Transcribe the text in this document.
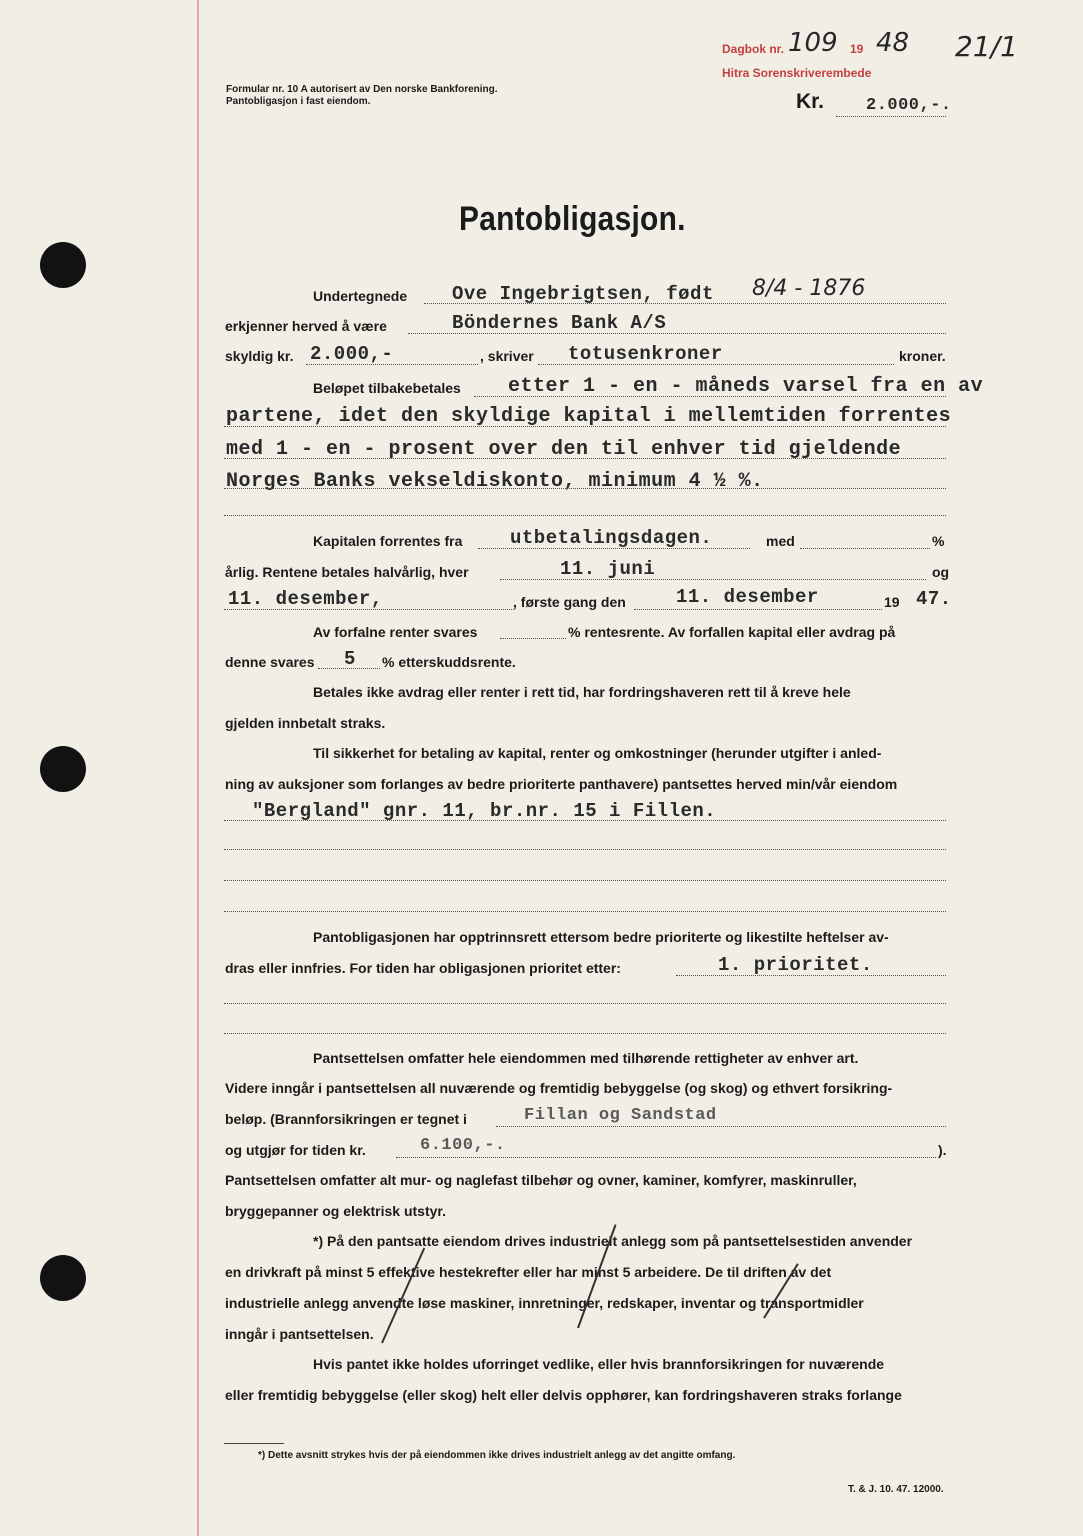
Formular nr. 10 A autorisert av Den norske Bankforening.
Pantobligasjon i fast eiendom.
Dagbok nr. 109 19 48 21/1
Hitra Sorenskriverembede
Kr. 2.000,-.
Pantobligasjon.
Undertegnede Ove Ingebrigtsen, født 8/4 - 1876
erkjenner herved å være	Böndernes Bank A/S
skyldig kr. 2.000,-	, skriver totusenkroner	kroner.
Beløpet tilbakebetales etter 1 - en - måneds varsel fra en av
partene, idet den skyldige kapital i mellemtiden forrentes
med 1 - en - prosent over den til enhver tid gjeldende
Norges Banks vekseldiskonto, minimum 4 ½ %.
Kapitalen forrentes fra	utbetalingsdagen.	med	%
årlig. Rentene betales halvårlig, hver	11. juni	og
11. desember,	, første gang den	11. desember	19 47.
Av forfalne renter svares	% rentesrente. Av forfallen kapital eller avdrag på
denne svares 5 % etterskuddsrente.
Betales ikke avdrag eller renter i rett tid, har fordringshaveren rett til å kreve hele
gjelden innbetalt straks.
Til sikkerhet for betaling av kapital, renter og omkostninger (herunder utgifter i anled-
ning av auksjoner som forlanges av bedre prioriterte panthavere) pantsettes herved min/vår eiendom
"Bergland" gnr. 11, br.nr. 15 i Fillen.
Pantobligasjonen har opptrinnsrett ettersom bedre prioriterte og likestilte heftelser av-
dras eller innfries. For tiden har obligasjonen prioritet etter:	1. prioritet.
Pantsettelsen omfatter hele eiendommen med tilhørende rettigheter av enhver art.
Videre inngår i pantsettelsen all nuværende og fremtidig bebyggelse (og skog) og ethvert forsikring-
beløp. (Brannforsikringen er tegnet i	Fillan og Sandstad
og utgjør for tiden kr.	6.100,-.	).
Pantsettelsen omfatter alt mur- og naglefast tilbehør og ovner, kaminer, komfyrer, maskinruller,
bryggepanner og elektrisk utstyr.
*) På den pantsatte eiendom drives industrielt anlegg som på pantsettelsestiden anvender
en drivkraft på minst 5 effektive hestekrefter eller har minst 5 arbeidere. De til driften av det
industrielle anlegg anvendte løse maskiner, innretninger, redskaper, inventar og transportmidler
inngår i pantsettelsen.
Hvis pantet ikke holdes uforringet vedlike, eller hvis brannforsikringen for nuværende
eller fremtidig bebyggelse (eller skog) helt eller delvis opphører, kan fordringshaveren straks forlange
*) Dette avsnitt strykes hvis der på eiendommen ikke drives industrielt anlegg av det angitte omfang.
T. & J. 10. 47. 12000.
